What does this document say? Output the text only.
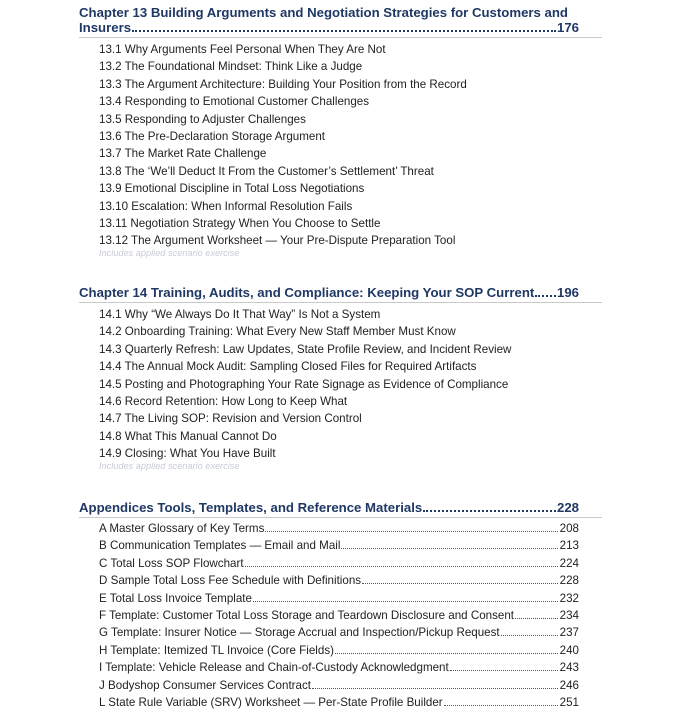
Chapter 13 Building Arguments and Negotiation Strategies for Customers and
Insurers	176
13.1 Why Arguments Feel Personal When They Are Not
13.2 The Foundational Mindset: Think Like a Judge
13.3 The Argument Architecture: Building Your Position from the Record
13.4 Responding to Emotional Customer Challenges
13.5 Responding to Adjuster Challenges
13.6 The Pre-Declaration Storage Argument
13.7 The Market Rate Challenge
13.8 The ‘We’ll Deduct It From the Customer’s Settlement’ Threat
13.9 Emotional Discipline in Total Loss Negotiations
13.10 Escalation: When Informal Resolution Fails
13.11 Negotiation Strategy When You Choose to Settle
13.12 The Argument Worksheet — Your Pre-Dispute Preparation Tool
Includes applied scenario exercise
Chapter 14 Training, Audits, and Compliance: Keeping Your SOP Current 196
14.1 Why “We Always Do It That Way” Is Not a System
14.2 Onboarding Training: What Every New Staff Member Must Know
14.3 Quarterly Refresh: Law Updates, State Profile Review, and Incident Review
14.4 The Annual Mock Audit: Sampling Closed Files for Required Artifacts
14.5 Posting and Photographing Your Rate Signage as Evidence of Compliance
14.6 Record Retention: How Long to Keep What
14.7 The Living SOP: Revision and Version Control
14.8 What This Manual Cannot Do
14.9 Closing: What You Have Built
Includes applied scenario exercise
Appendices Tools, Templates, and Reference Materials	228
A Master Glossary of Key Terms	208
B Communication Templates — Email and Mail	213
C Total Loss SOP Flowchart	224
D Sample Total Loss Fee Schedule with Definitions	228
E Total Loss Invoice Template	232
F Template: Customer Total Loss Storage and Teardown Disclosure and Consent	234
G Template: Insurer Notice — Storage Accrual and Inspection/Pickup Request	237
H Template: Itemized TL Invoice (Core Fields)	240
I Template: Vehicle Release and Chain-of-Custody Acknowledgment	243
J Bodyshop Consumer Services Contract	246
L State Rule Variable (SRV) Worksheet — Per-State Profile Builder	251
